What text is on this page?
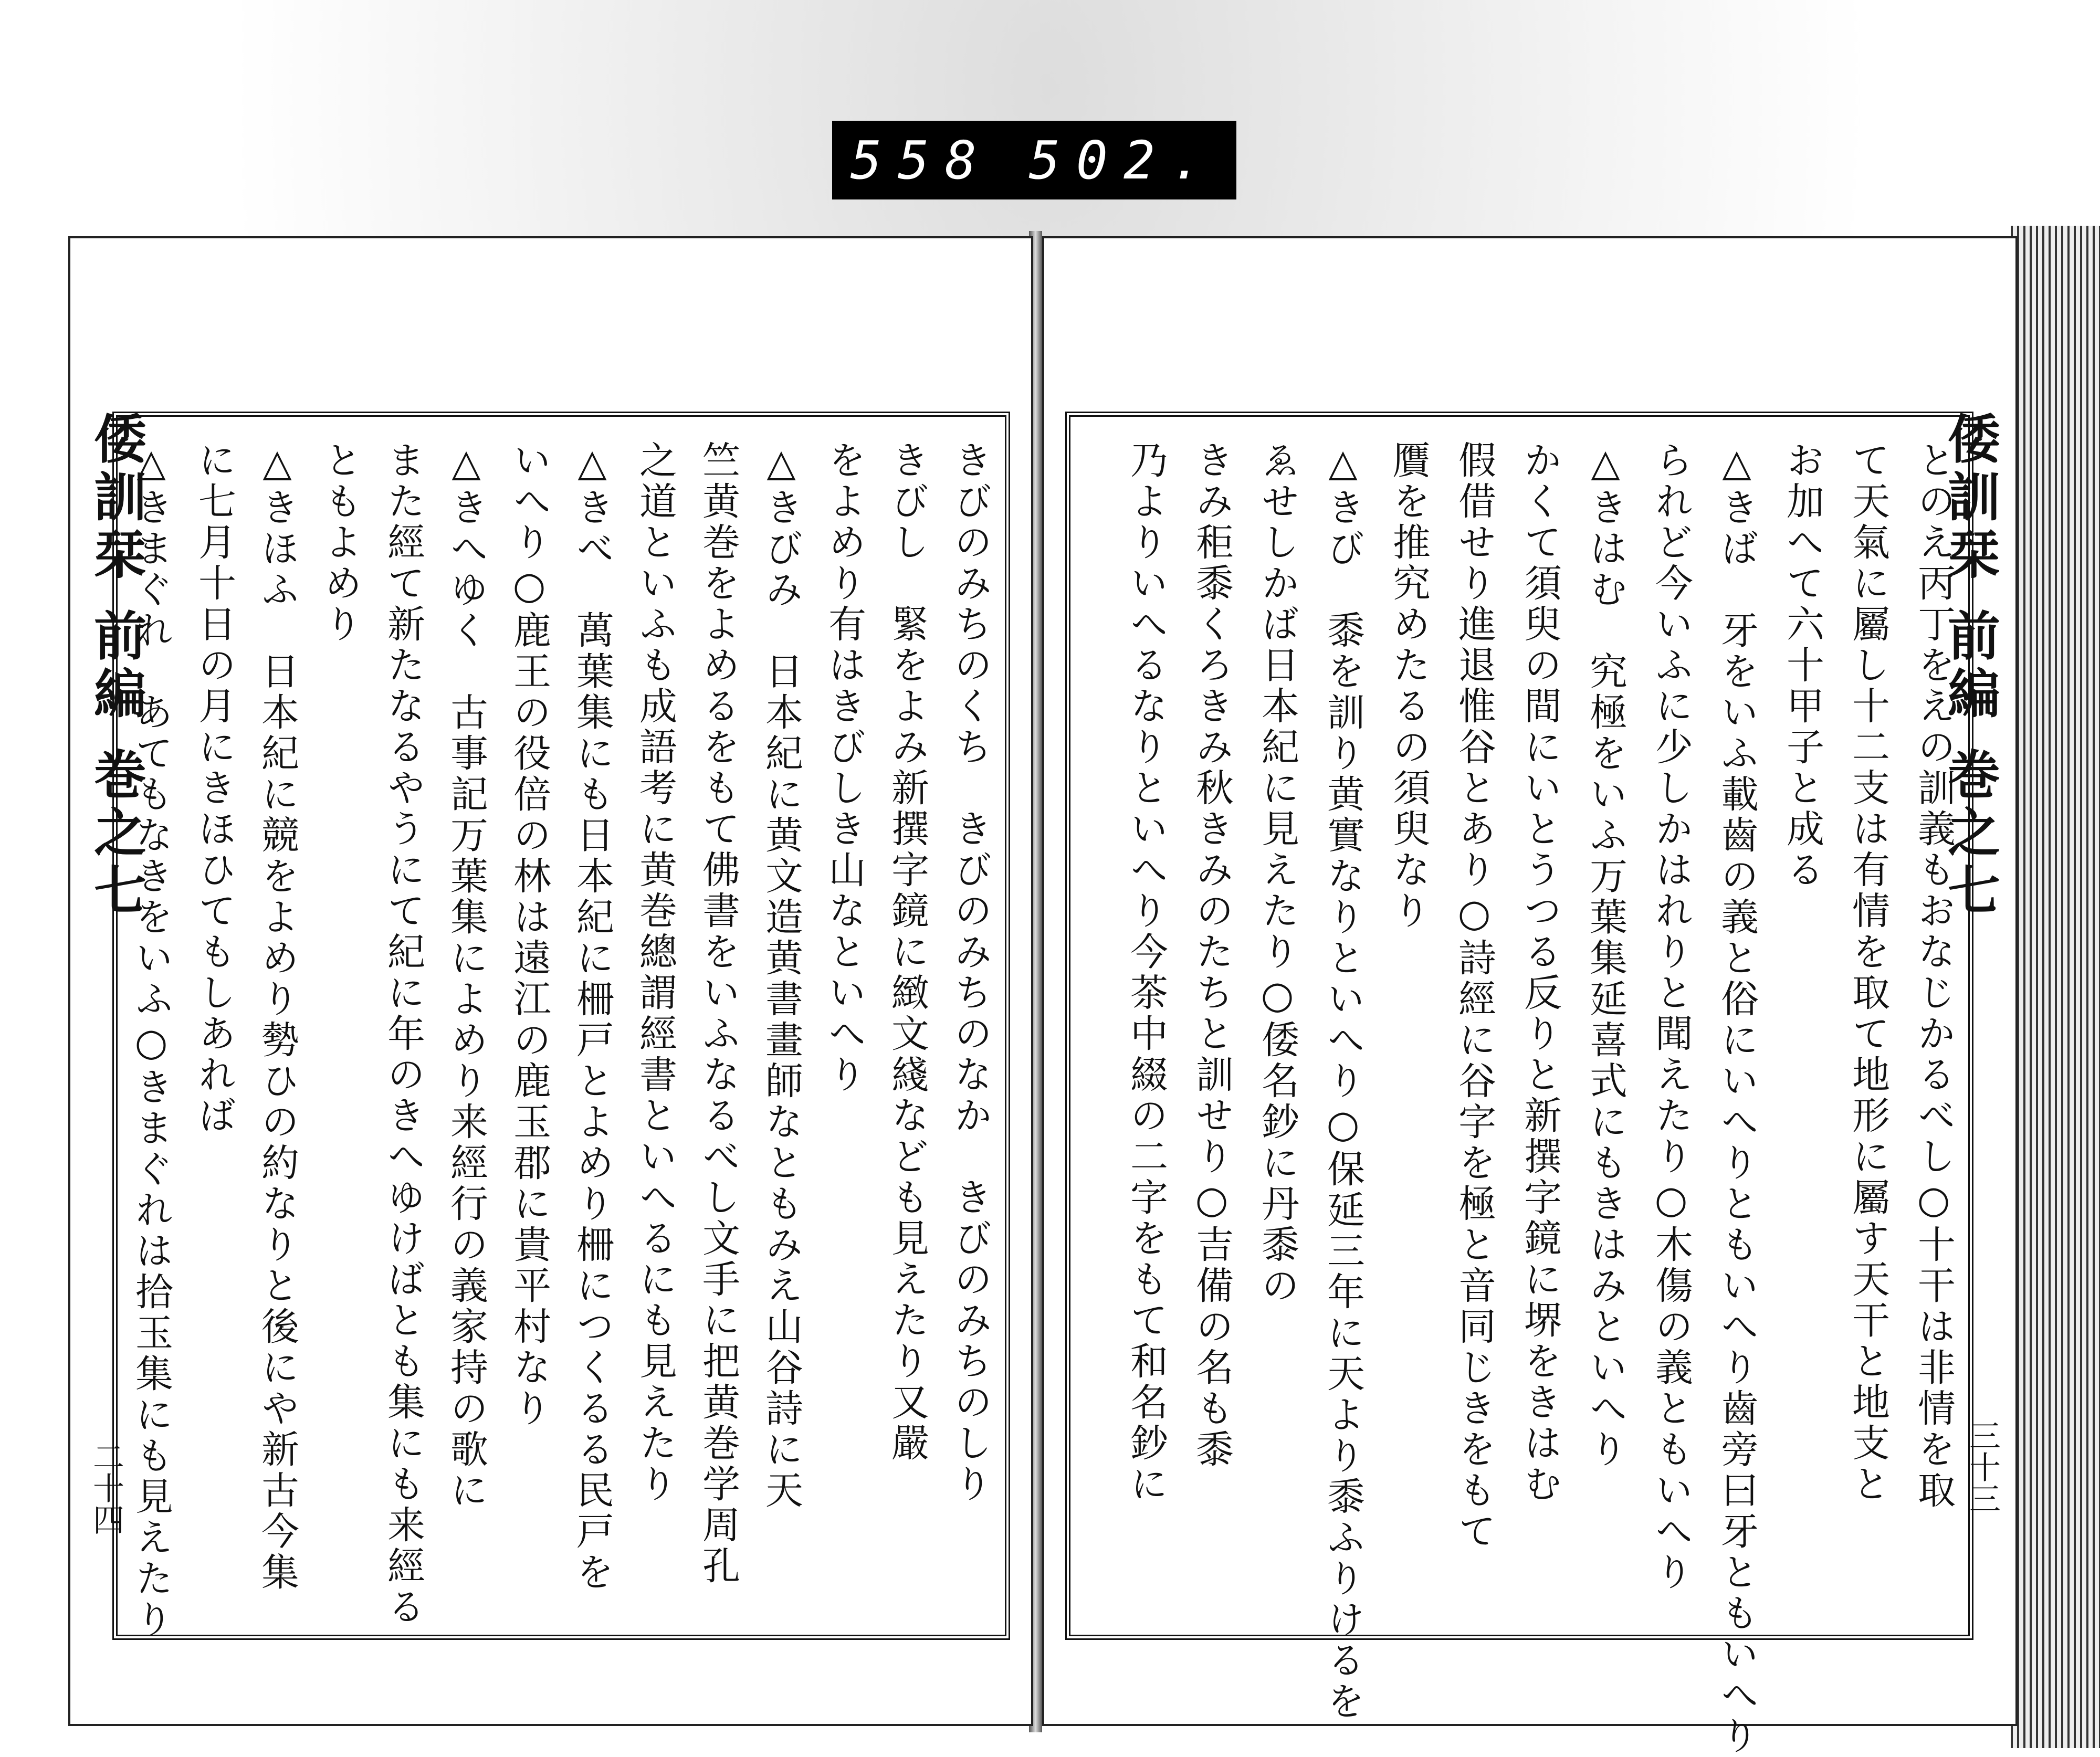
558 502.
倭訓栞 前編 巻之七
二十四	きびのみちのくち　きびのみちのなか　きびのみちのしり
きびし　緊をよみ新撰字鏡に緻文綫なども見えたり又嚴
をよめり有はきびしき山なといへり
△きびみ　日本紀に黄文造黄書畫師なともみえ山谷詩に天
竺黄巻をよめるをもて佛書をいふなるべし文手に把黄巻学周孔
之道といふも成語考に黄巻總謂經書といへるにも見えたり
△きべ　萬葉集にも日本紀に柵戸とよめり柵につくるる民戸を
いへり○鹿王の役倍の林は遠江の鹿玉郡に貴平村なり
△きへゆく　古事記万葉集によめり来經行の義家持の歌に
また經て新たなるやうにて紀に年のきへゆけばとも集にも来經る
ともよめり
△きほふ　日本紀に競をよめり勢ひの約なりと後にや新古今集
に七月十日の月にきほひてもしあれば
△きまぐれ　あてもなきをいふ○きまぐれは拾玉集にも見えたり	倭訓栞 前編 巻之七
三十三
とのえ丙丁をえの訓義もおなじかるべし○十干は非情を取
て天氣に屬し十二支は有情を取て地形に屬す天干と地支と
お加へて六十甲子と成る
△きば　牙をいふ載齒の義と俗にいへりともいへり齒旁曰牙ともいへり
られど今いふに少しかはれりと聞えたり○木傷の義ともいへり
△きはむ　究極をいふ万葉集延喜式にもきはみといへり
かくて須臾の間にいとうつる反りと新撰字鏡に堺をきはむ
假借せり進退惟谷とあり○詩經に谷字を極と音同じきをもて
贋を推究めたるの須臾なり
△きび　黍を訓り黄實なりといへり○保延三年に天より黍ふりけるを
ゑせしかば日本紀に見えたり○倭名鈔に丹黍の
きみ秬黍くろきみ秋きみのたちと訓せり○吉備の名も黍
乃よりいへるなりといへり今茶中綴の二字をもて和名鈔に
